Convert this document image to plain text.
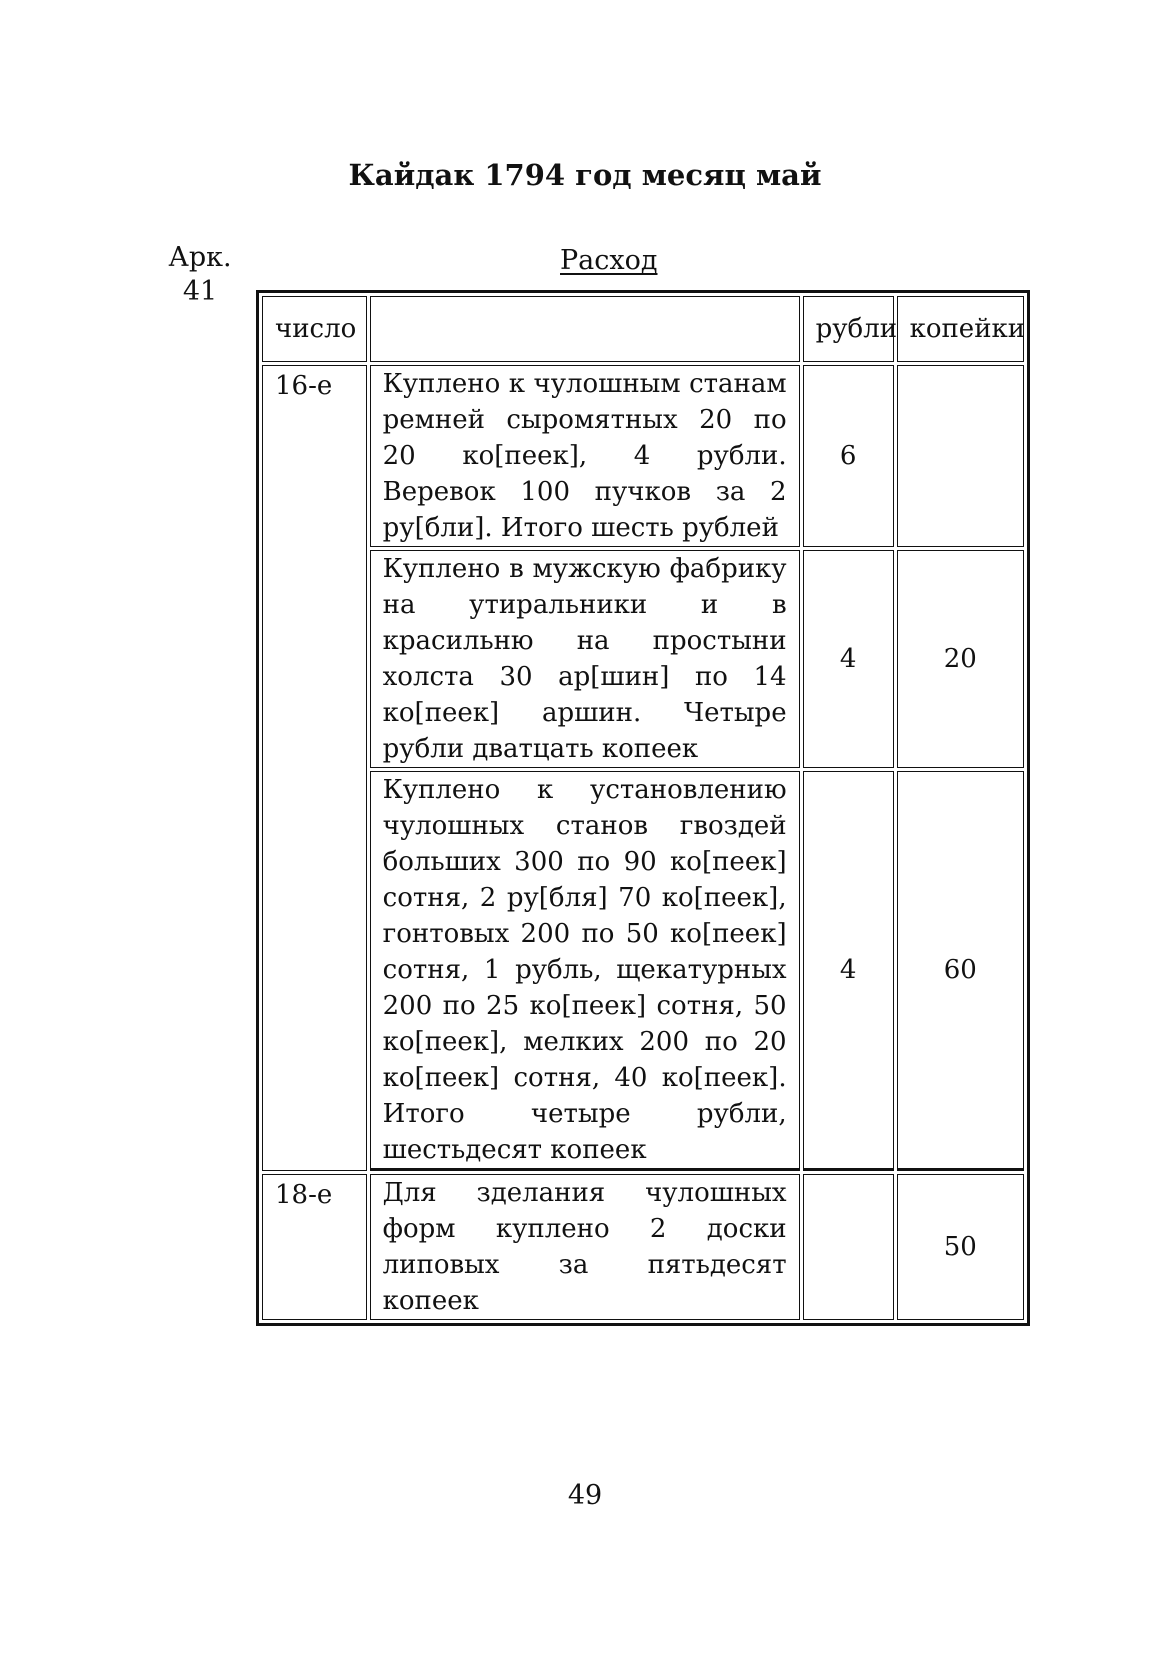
Кайдак 1794 год месяц май
Арк.
41
Расход
число		рубли	копейки
16-е	Куплено к чулошным станам ремней сыромятных 20 по 20 ко[пеек], 4 рубли. Веревок 100 пучков за 2 ру[бли]. Итого шесть рублей	6	
	Куплено в мужскую фабрику на утиральники и в красильню на простыни холста 30 ар[шин] по 14 ко[пеек] аршин. Четыре рубли дватцать копеек	4	20
	Куплено к установлению чулошных станов гвоздей больших 300 по 90 ко[пеек] сотня, 2 ру[бля] 70 ко[пеек], гонтовых 200 по 50 ко[пеек] сотня, 1 рубль, щекатурных 200 по 25 ко[пеек] сотня, 50 ко[пеек], мелких 200 по 20 ко[пеек] сотня, 40 ко[пеек]. Итого четыре рубли, шестьдесят копеек	4	60
18-е	Для зделания чулошных форм куплено 2 доски липовых за пятьдесят копеек		50
49
